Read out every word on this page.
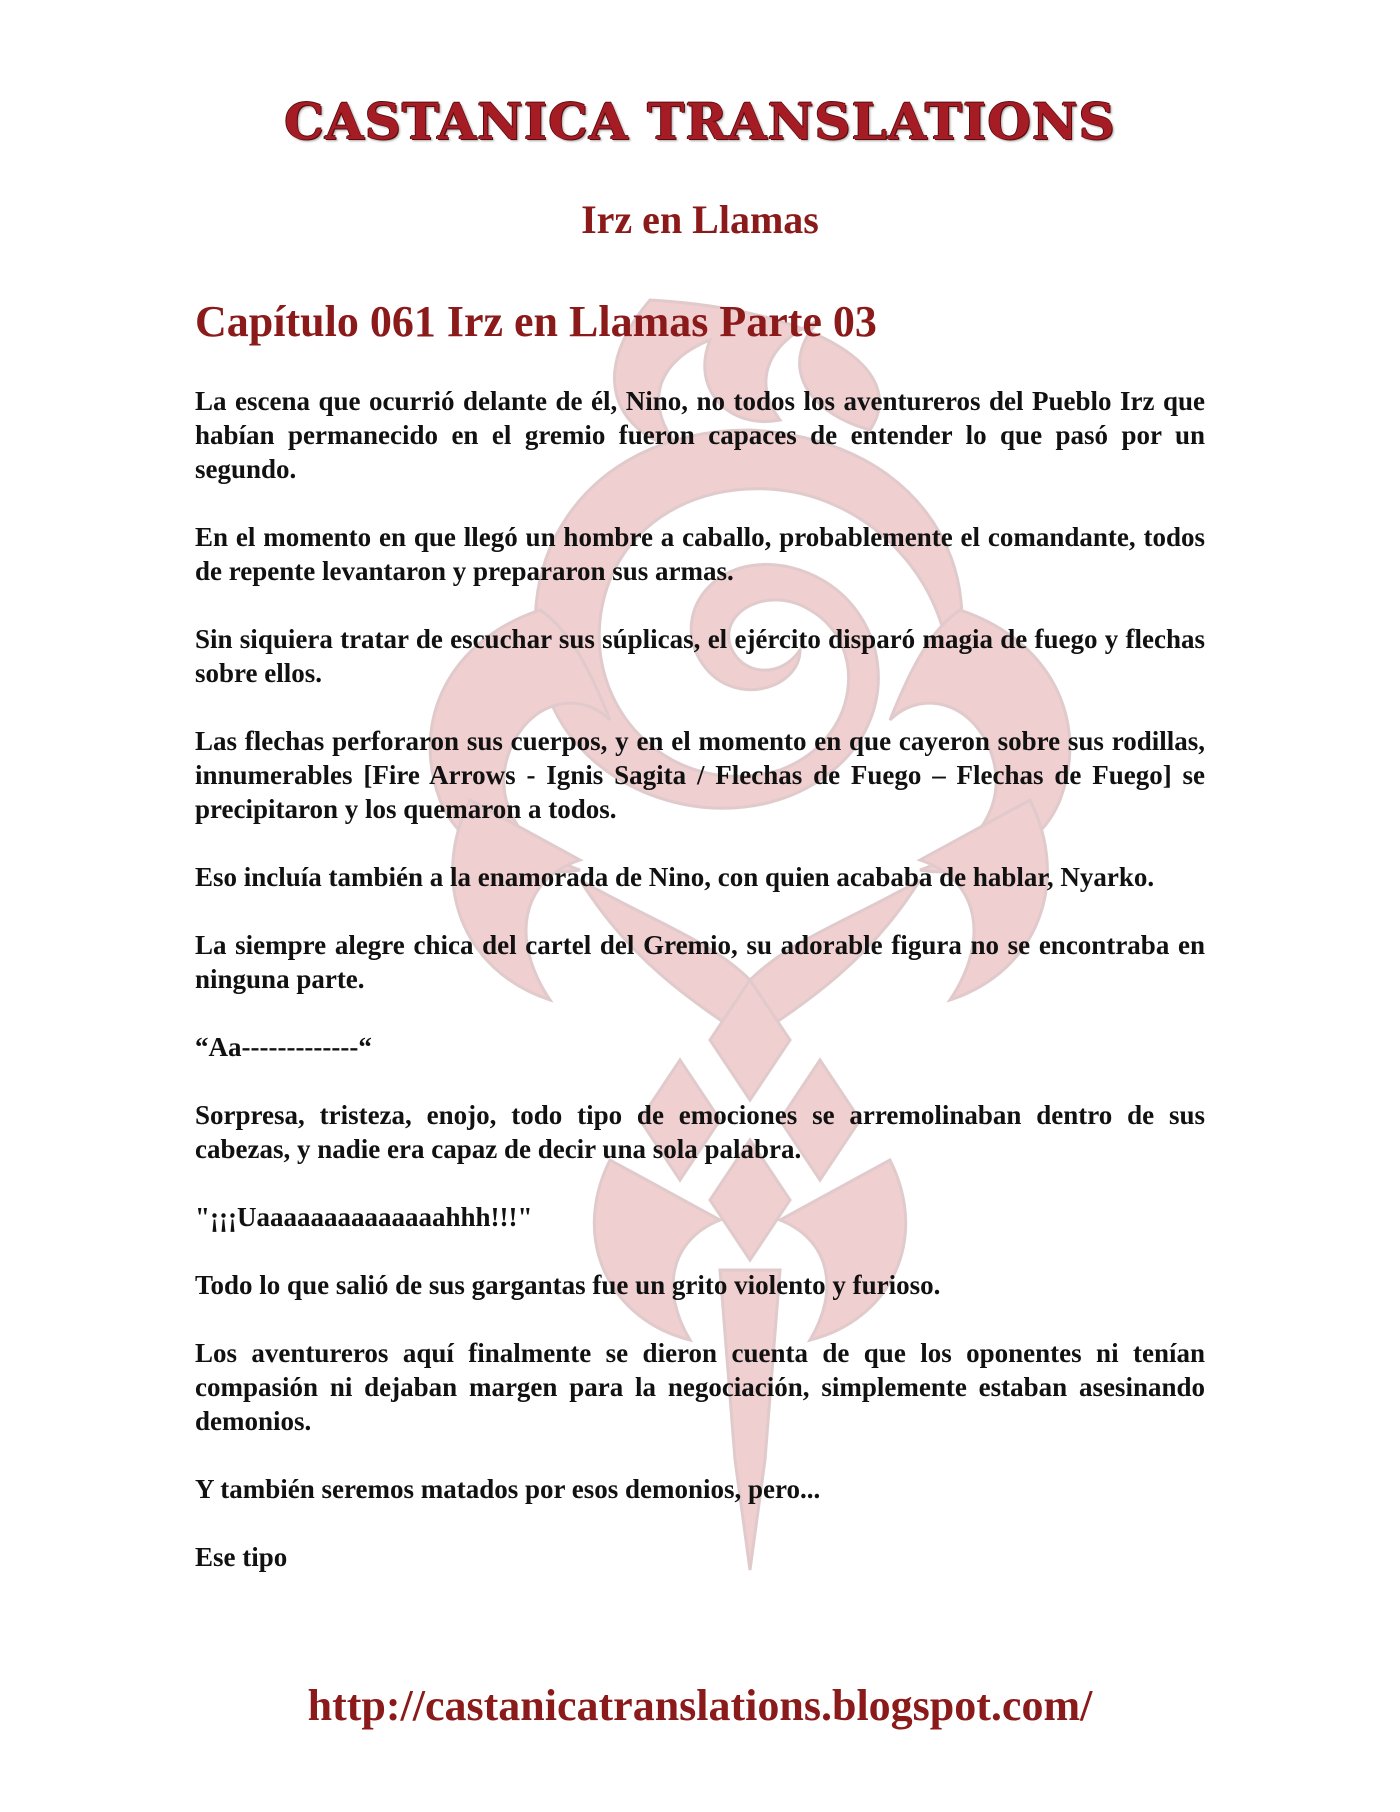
CASTANICA TRANSLATIONS
Irz en Llamas
Capítulo 061 Irz en Llamas Parte 03

La escena que ocurrió delante de él, Nino, no todos los aventureros del Pueblo Irz que habían permanecido en el gremio fueron capaces de entender lo que pasó por un segundo.

En el momento en que llegó un hombre a caballo, probablemente el comandante, todos de repente levantaron y prepararon sus armas.

Sin siquiera tratar de escuchar sus súplicas, el ejército disparó magia de fuego y flechas sobre ellos.

Las flechas perforaron sus cuerpos, y en el momento en que cayeron sobre sus rodillas, innumerables [Fire Arrows - Ignis Sagita / Flechas de Fuego – Flechas de Fuego] se precipitaron y los quemaron a todos.

Eso incluía también a la enamorada de Nino, con quien acababa de hablar, Nyarko.

La siempre alegre chica del cartel del Gremio, su adorable figura no se encontraba en ninguna parte.

“Aa-------------“

Sorpresa, tristeza, enojo, todo tipo de emociones se arremolinaban dentro de sus cabezas, y nadie era capaz de decir una sola palabra.

"¡¡¡Uaaaaaaaaaaaaaahhh!!!"

Todo lo que salió de sus gargantas fue un grito violento y furioso.

Los aventureros aquí finalmente se dieron cuenta de que los oponentes ni tenían compasión ni dejaban margen para la negociación, simplemente estaban asesinando demonios.

Y también seremos matados por esos demonios, pero...

Ese tipo

http://castanicatranslations.blogspot.com/
